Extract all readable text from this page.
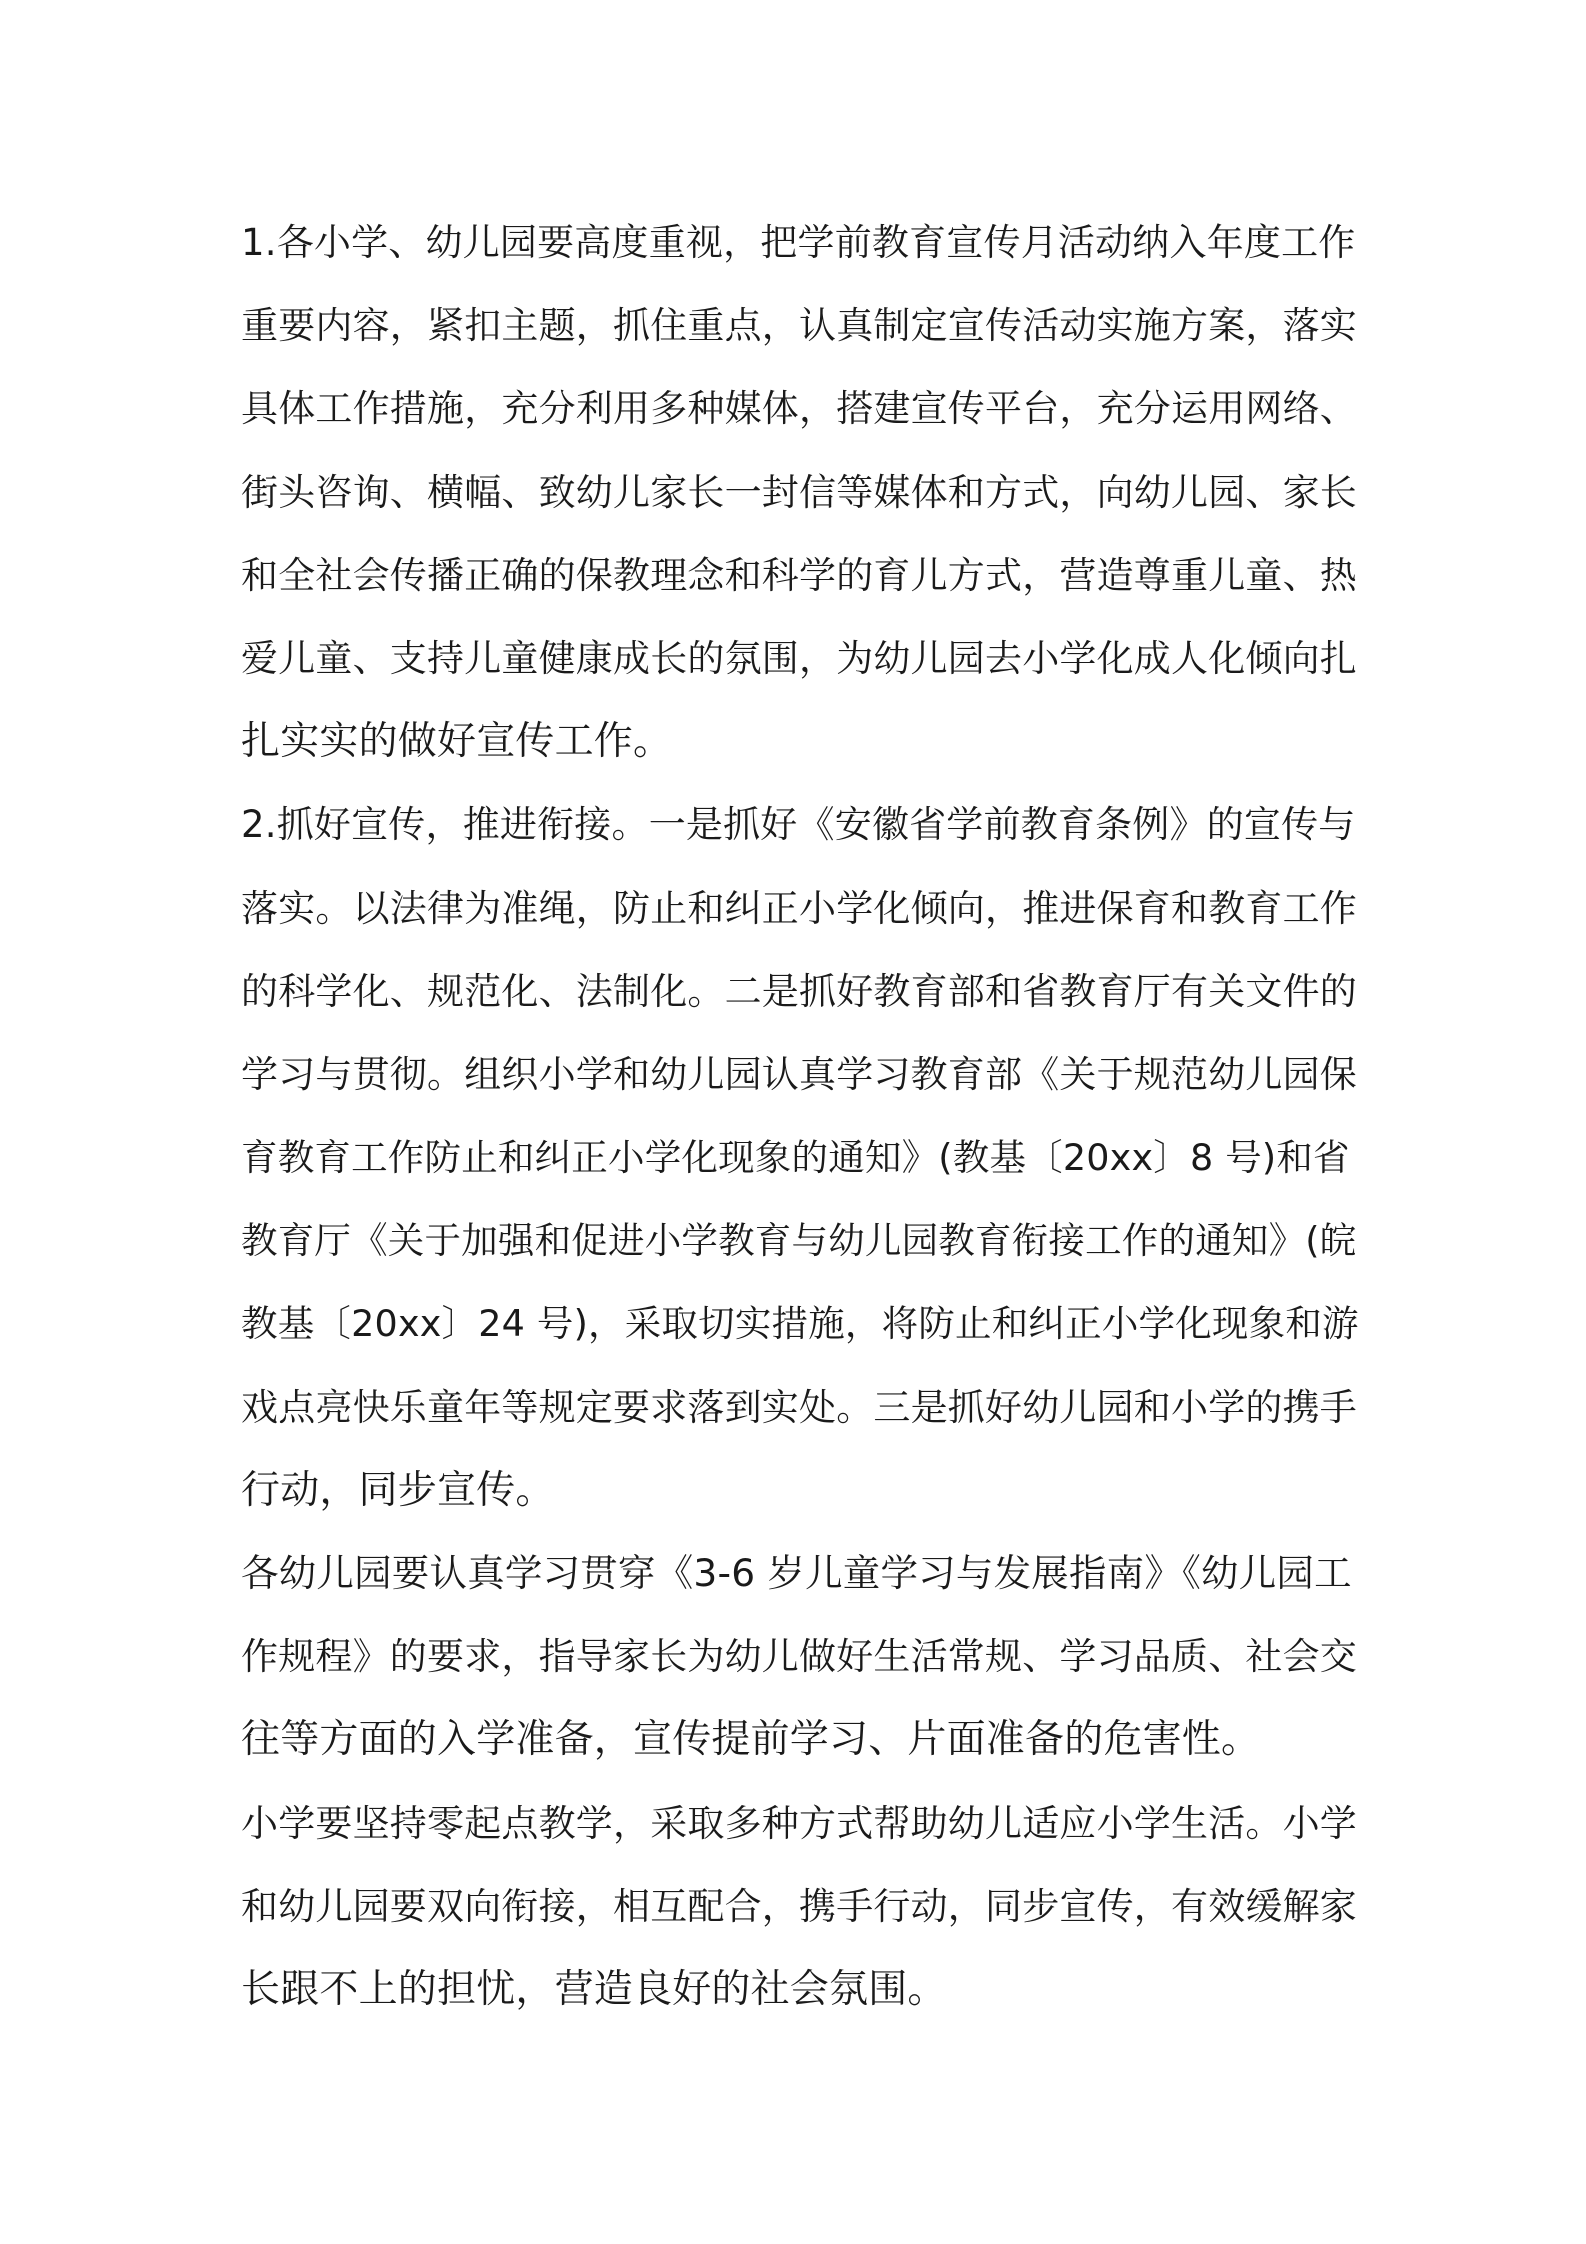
1.各小学、幼儿园要高度重视，把学前教育宣传月活动纳入年度工作
重要内容，紧扣主题，抓住重点，认真制定宣传活动实施方案，落实
具体工作措施，充分利用多种媒体，搭建宣传平台，充分运用网络、
街头咨询、横幅、致幼儿家长一封信等媒体和方式，向幼儿园、家长
和全社会传播正确的保教理念和科学的育儿方式，营造尊重儿童、热
爱儿童、支持儿童健康成长的氛围，为幼儿园去小学化成人化倾向扎
扎实实的做好宣传工作。
2.抓好宣传，推进衔接。一是抓好《安徽省学前教育条例》的宣传与
落实。以法律为准绳，防止和纠正小学化倾向，推进保育和教育工作
的科学化、规范化、法制化。二是抓好教育部和省教育厅有关文件的
学习与贯彻。组织小学和幼儿园认真学习教育部《关于规范幼儿园保
育教育工作防止和纠正小学化现象的通知》(教基〔20xx〕8 号)和省
教育厅《关于加强和促进小学教育与幼儿园教育衔接工作的通知》(皖
教基〔20xx〕24 号)，采取切实措施，将防止和纠正小学化现象和游
戏点亮快乐童年等规定要求落到实处。三是抓好幼儿园和小学的携手
行动，同步宣传。
各幼儿园要认真学习贯穿《3-6 岁儿童学习与发展指南》《幼儿园工
作规程》的要求，指导家长为幼儿做好生活常规、学习品质、社会交
往等方面的入学准备，宣传提前学习、片面准备的危害性。
小学要坚持零起点教学，采取多种方式帮助幼儿适应小学生活。小学
和幼儿园要双向衔接，相互配合，携手行动，同步宣传，有效缓解家
长跟不上的担忧，营造良好的社会氛围。
